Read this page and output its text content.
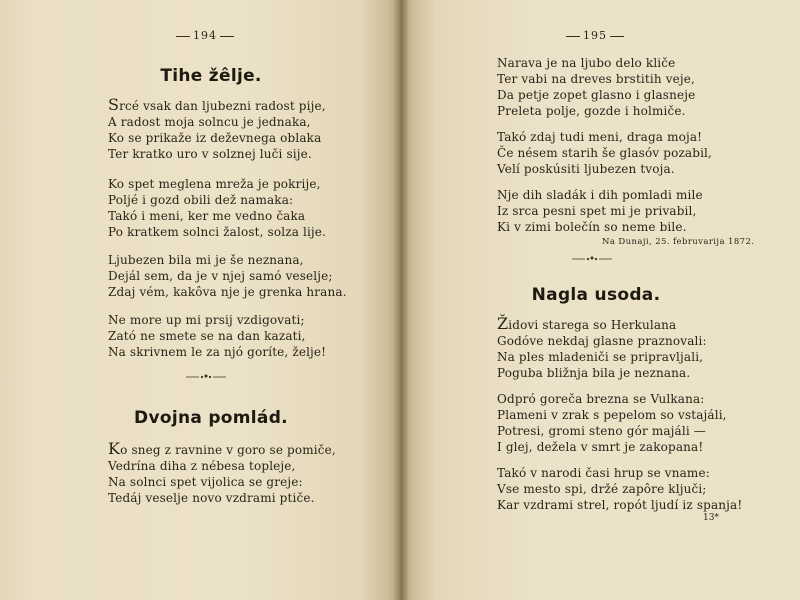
194
Tihe žêlje.
Srcé vsak dan ljubezni radost pije,
A radost moja solncu je jednaka,
Ko se prikaže iz deževnega oblaka
Ter kratko uro v solznej luči sije.
Ko spet meglena mreža je pokrije,
Poljé i gozd obili dež namaka:
Takó i meni, ker me vedno čaka
Po kratkem solnci žalost, solza lije.
Ljubezen bila mi je še neznana,
Dejál sem, da je v njej samó veselje;
Zdaj vém, kakôva nje je grenka hrana.
Ne more up mi prsij vzdigovati;
Zató ne smete se na dan kazati,
Na skrivnem le za njó goríte, želje!
Dvojna pomlád.
Ko sneg z ravnine v goro se pomiče,
Vedrína diha z nébesa topleje,
Na solnci spet vijolica se greje:
Tedáj veselje novo vzdrami ptiče.
195
Narava je na ljubo delo kliče
Ter vabi na dreves brstitih veje,
Da petje zopet glasno i glasneje
Preleta polje, gozde i holmiče.
Takó zdaj tudi meni, draga moja!
Če nésem starih še glasóv pozabil,
Velí poskúsiti ljubezen tvoja.
Nje dih sladák i dih pomladi mile
Iz srca pesni spet mi je privabil,
Ki v zimi bolečín so neme bile.
Na Dunaji, 25. februvarija 1872.
Nagla usoda.
Židovi starega so Herkulana
Godóve nekdaj glasne praznovali:
Na ples mladeniči se pripravljali,
Poguba bližnja bila je neznana.
Odpró goreča brezna se Vulkana:
Plameni v zrak s pepelom so vstajáli,
Potresi, gromi steno gór majáli —
I glej, dežela v smrt je zakopana!
Takó v narodi časi hrup se vname:
Vse mesto spi, držé zapôre ključi;
Kar vzdrami strel, ropót ljudí iz spanja!
13*
